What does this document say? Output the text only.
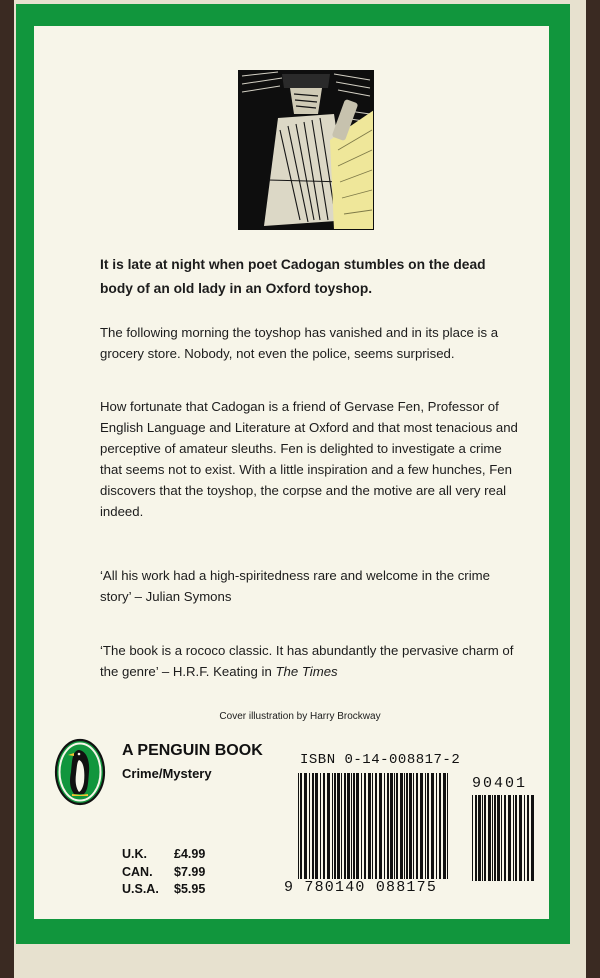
It is late at night when poet Cadogan stumbles on the dead body of an old lady in an Oxford toyshop.
The following morning the toyshop has vanished and in its place is a grocery store. Nobody, not even the police, seems surprised.
How fortunate that Cadogan is a friend of Gervase Fen, Professor of English Language and Literature at Oxford and that most tenacious and perceptive of amateur sleuths. Fen is delighted to investigate a crime that seems not to exist. With a little inspiration and a few hunches, Fen discovers that the toyshop, the corpse and the motive are all very real indeed.
‘All his work had a high-spiritedness rare and welcome in the crime story’ – Julian Symons
‘The book is a rococo classic. It has abundantly the pervasive charm of the genre’ – H.R.F. Keating in The Times
Cover illustration by Harry Brockway
A PENGUIN BOOK
Crime/Mystery
U.K. £4.99
CAN. $7.99
U.S.A. $5.95
ISBN 0-14-008817-2
90401
9 780140 088175
